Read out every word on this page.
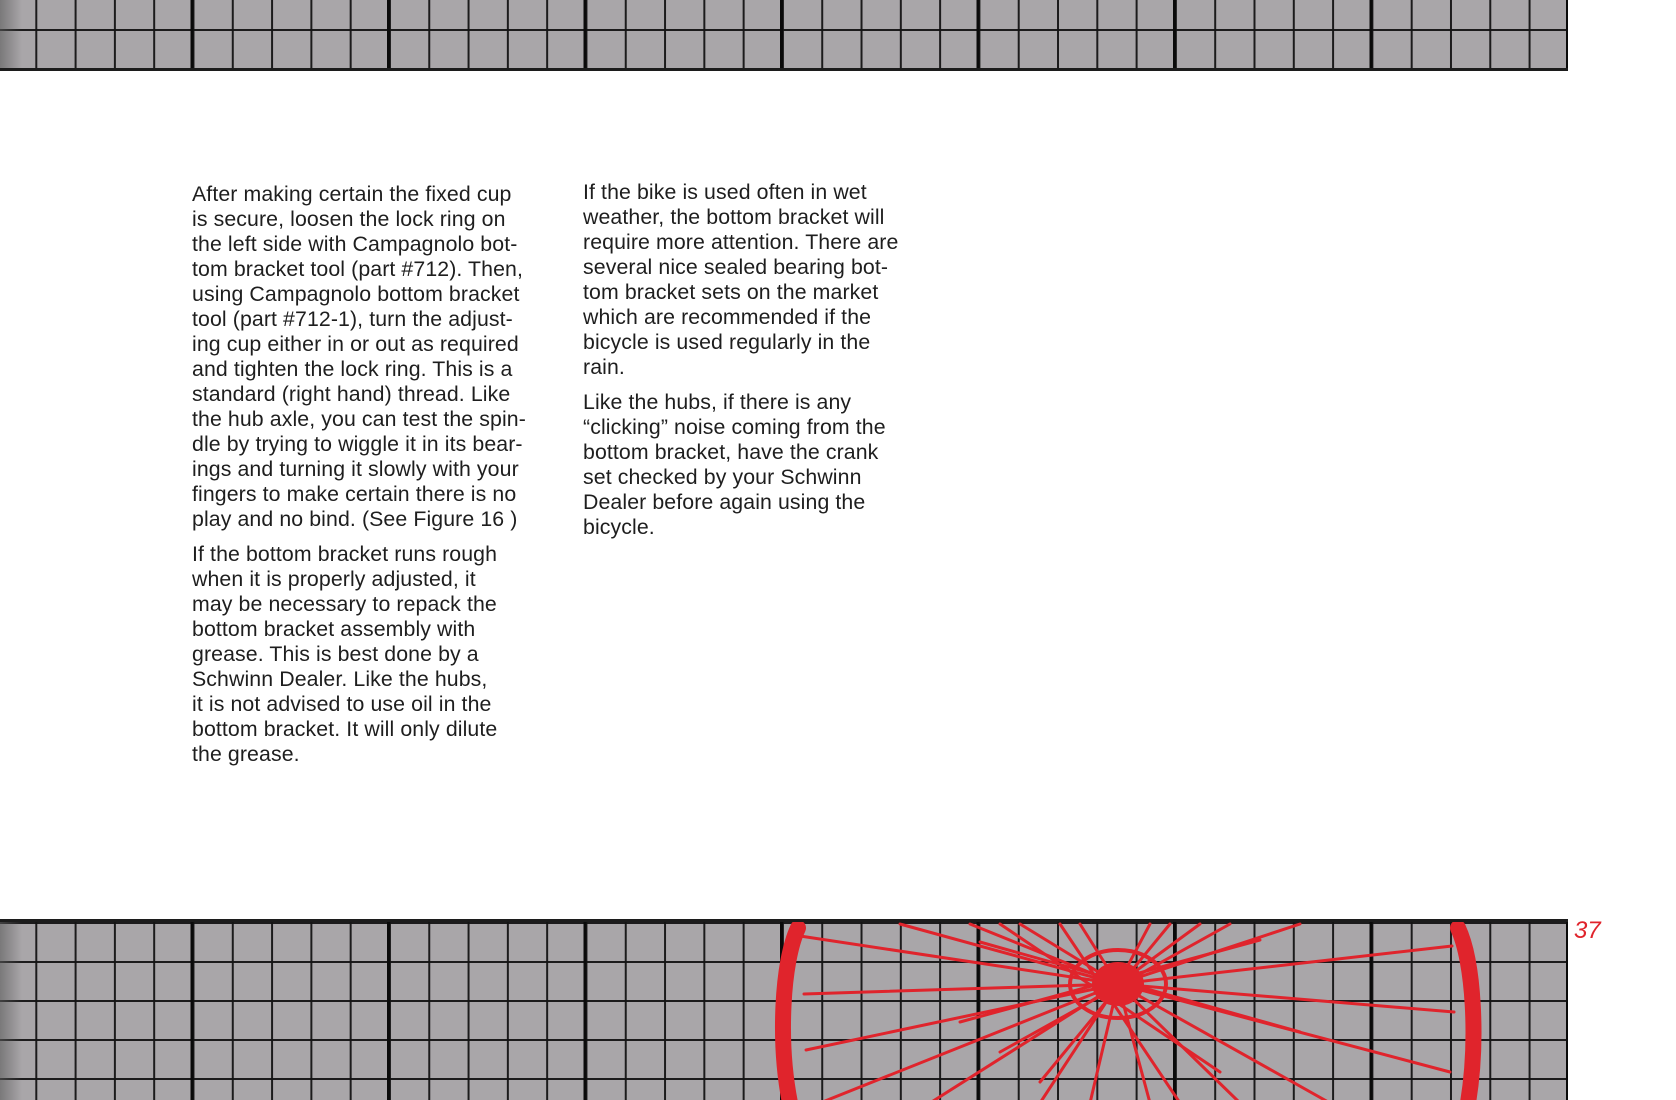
After making certain the fixed cup
is secure, loosen the lock ring on
the left side with Campagnolo bot-
tom bracket tool (part #712). Then,
using Campagnolo bottom bracket
tool (part #712-1), turn the adjust-
ing cup either in or out as required
and tighten the lock ring. This is a
standard (right hand) thread. Like
the hub axle, you can test the spin-
dle by trying to wiggle it in its bear-
ings and turning it slowly with your
fingers to make certain there is no
play and no bind. (See Figure 16 )

If the bottom bracket runs rough
when it is properly adjusted, it
may be necessary to repack the
bottom bracket assembly with
grease. This is best done by a
Schwinn Dealer. Like the hubs,
it is not advised to use oil in the
bottom bracket. It will only dilute
the grease.

If the bike is used often in wet
weather, the bottom bracket will
require more attention. There are
several nice sealed bearing bot-
tom bracket sets on the market
which are recommended if the
bicycle is used regularly in the
rain.

Like the hubs, if there is any
“clicking” noise coming from the
bottom bracket, have the crank
set checked by your Schwinn
Dealer before again using the
bicycle.

37
